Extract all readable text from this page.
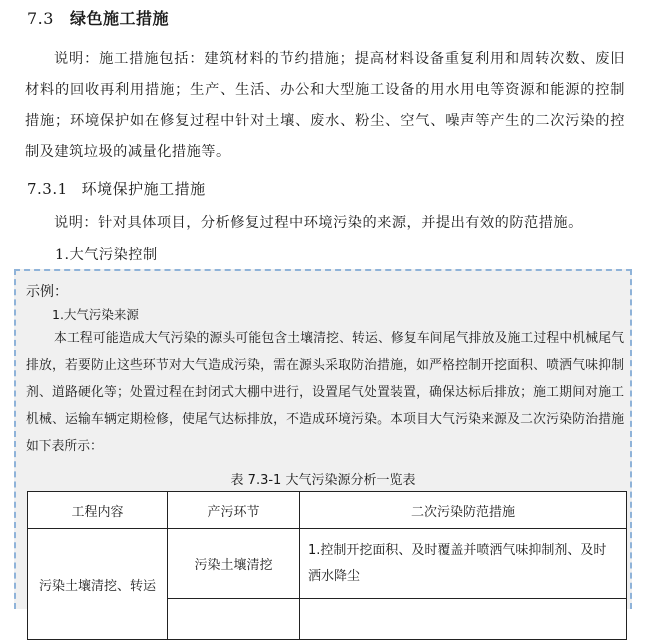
7.3 绿色施工措施
说明：施工措施包括：建筑材料的节约措施；提高材料设备重复利用和周转次数、废旧材料的回收再利用措施；生产、生活、办公和大型施工设备的用水用电等资源和能源的控制措施；环境保护如在修复过程中针对土壤、废水、粉尘、空气、噪声等产生的二次污染的控制及建筑垃圾的减量化措施等。
7.3.1 环境保护施工措施
说明：针对具体项目，分析修复过程中环境污染的来源，并提出有效的防范措施。
1.大气污染控制
示例：
1.大气污染来源
本工程可能造成大气污染的源头可能包含土壤清挖、转运、修复车间尾气排放及施工过程中机械尾气排放，若要防止这些环节对大气造成污染，需在源头采取防治措施，如严格控制开挖面积、喷洒气味抑制剂、道路硬化等；处置过程在封闭式大棚中进行，设置尾气处置装置，确保达标后排放；施工期间对施工机械、运输车辆定期检修，使尾气达标排放，不造成环境污染。本项目大气污染来源及二次污染防治措施如下表所示：
表 7.3-1 大气污染源分析一览表
工程内容	产污环节	二次污染防范措施
污染土壤清挖、转运	污染土壤清挖	1.控制开挖面积、及时覆盖并喷洒气味抑制剂、及时洒水降尘
